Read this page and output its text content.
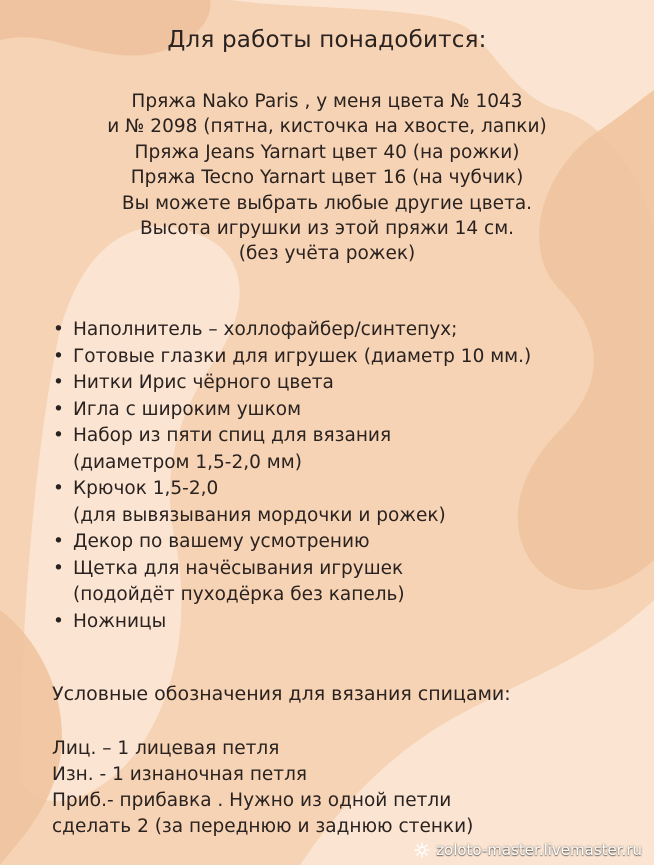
Для работы понадобится:
Пряжа Nako Paris , у меня цвета № 1043
и № 2098 (пятна, кисточка на хвосте, лапки)
Пряжа Jeans Yarnart цвет 40 (на рожки)
Пряжа Tecno Yarnart цвет 16 (на чубчик)
Вы можете выбрать любые другие цвета.
Высота игрушки из этой пряжи 14 см.
(без учёта рожек)
• Наполнитель – холлофайбер/синтепух;
• Готовые глазки для игрушек (диаметр 10 мм.)
• Нитки Ирис чёрного цвета
• Игла с широким ушком
• Набор из пяти спиц для вязания
(диаметром 1,5-2,0 мм)
• Крючок 1,5-2,0
(для вывязывания мордочки и рожек)
• Декор по вашему усмотрению
• Щетка для начёсывания игрушек
(подойдёт пуходёрка без капель)
• Ножницы
Условные обозначения для вязания спицами:
Лиц. – 1 лицевая петля
Изн. - 1 изнаночная петля
Приб.- прибавка . Нужно из одной петли
сделать 2 (за переднюю и заднюю стенки)
zoloto-master.livemaster.ru
